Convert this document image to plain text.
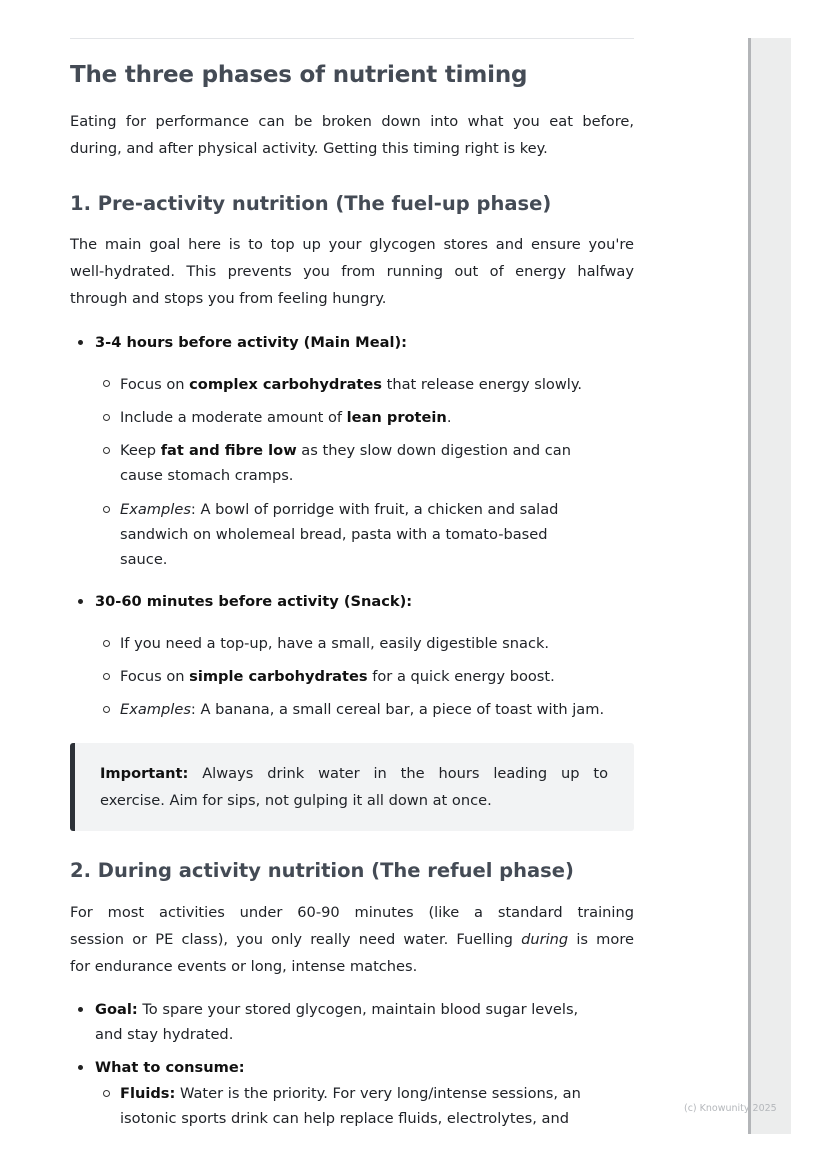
The three phases of nutrient timing
Eating for performance can be broken down into what you eat before,
during, and after physical activity. Getting this timing right is key.
1. Pre-activity nutrition (The fuel-up phase)
The main goal here is to top up your glycogen stores and ensure you're
well-hydrated. This prevents you from running out of energy halfway
through and stops you from feeling hungry.
3-4 hours before activity (Main Meal):
Focus on complex carbohydrates that release energy slowly.
Include a moderate amount of lean protein.
Keep fat and fibre low as they slow down digestion and can
cause stomach cramps.
Examples: A bowl of porridge with fruit, a chicken and salad
sandwich on wholemeal bread, pasta with a tomato-based
sauce.
30-60 minutes before activity (Snack):
If you need a top-up, have a small, easily digestible snack.
Focus on simple carbohydrates for a quick energy boost.
Examples: A banana, a small cereal bar, a piece of toast with jam.
Important: Always drink water in the hours leading up to
exercise. Aim for sips, not gulping it all down at once.
2. During activity nutrition (The refuel phase)
For most activities under 60-90 minutes (like a standard training
session or PE class), you only really need water. Fuelling during is more
for endurance events or long, intense matches.
Goal: To spare your stored glycogen, maintain blood sugar levels,
and stay hydrated.
What to consume:
Fluids: Water is the priority. For very long/intense sessions, an
isotonic sports drink can help replace fluids, electrolytes, and
(c) Knowunity 2025
